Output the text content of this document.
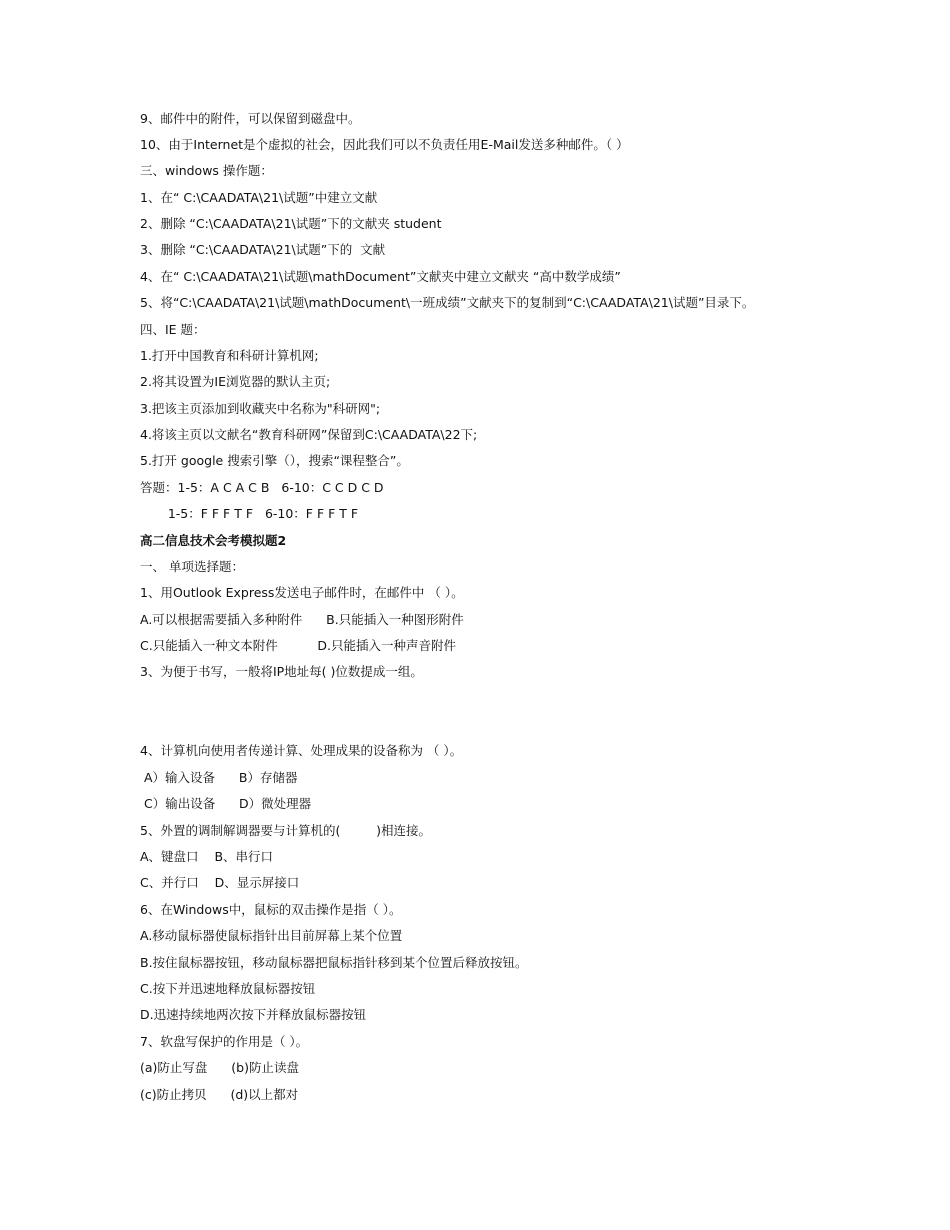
9、邮件中的附件，可以保留到磁盘中。
10、由于Internet是个虚拟的社会，因此我们可以不负责任用E-Mail发送多种邮件。（ ）
三、windows 操作题：
1、在“ C:\CAADATA\21\试题”中建立文献
2、删除 “C:\CAADATA\21\试题”下的文献夹 student
3、删除 “C:\CAADATA\21\试题”下的  文献
4、在“ C:\CAADATA\21\试题\mathDocument”文献夹中建立文献夹 “高中数学成绩”
5、将“C:\CAADATA\21\试题\mathDocument\一班成绩”文献夹下的复制到“C:\CAADATA\21\试题”目录下。
四、IE 题：
1.打开中国教育和科研计算机网;
2.将其设置为IE浏览器的默认主页;
3.把该主页添加到收藏夹中名称为"科研网";
4.将该主页以文献名“教育科研网”保留到C:\CAADATA\22下;
5.打开 google 搜索引擎（），搜索“课程整合”。
答题：1-5：A C A C B   6-10：C C D C D
1-5：F F F T F   6-10：F F F T F
高二信息技术会考模拟题2
一、 单项选择题：
1、用Outlook Express发送电子邮件时，在邮件中 （ ）。
A.可以根据需要插入多种附件      B.只能插入一种图形附件
C.只能插入一种文本附件          D.只能插入一种声音附件
3、为便于书写，一般将IP地址每( )位数提成一组。
4、计算机向使用者传递计算、处理成果的设备称为 （ ）。
A）输入设备      B）存储器
C）输出设备      D）微处理器
5、外置的调制解调器要与计算机的(         )相连接。
A、键盘口    B、串行口
C、并行口    D、显示屏接口
6、在Windows中，鼠标的双击操作是指（ ）。
A.移动鼠标器使鼠标指针出目前屏幕上某个位置
B.按住鼠标器按钮，移动鼠标器把鼠标指针移到某个位置后释放按钮。
C.按下并迅速地释放鼠标器按钮
D.迅速持续地两次按下并释放鼠标器按钮
7、软盘写保护的作用是（ ）。
(a)防止写盘      (b)防止读盘
(c)防止拷贝      (d)以上都对
